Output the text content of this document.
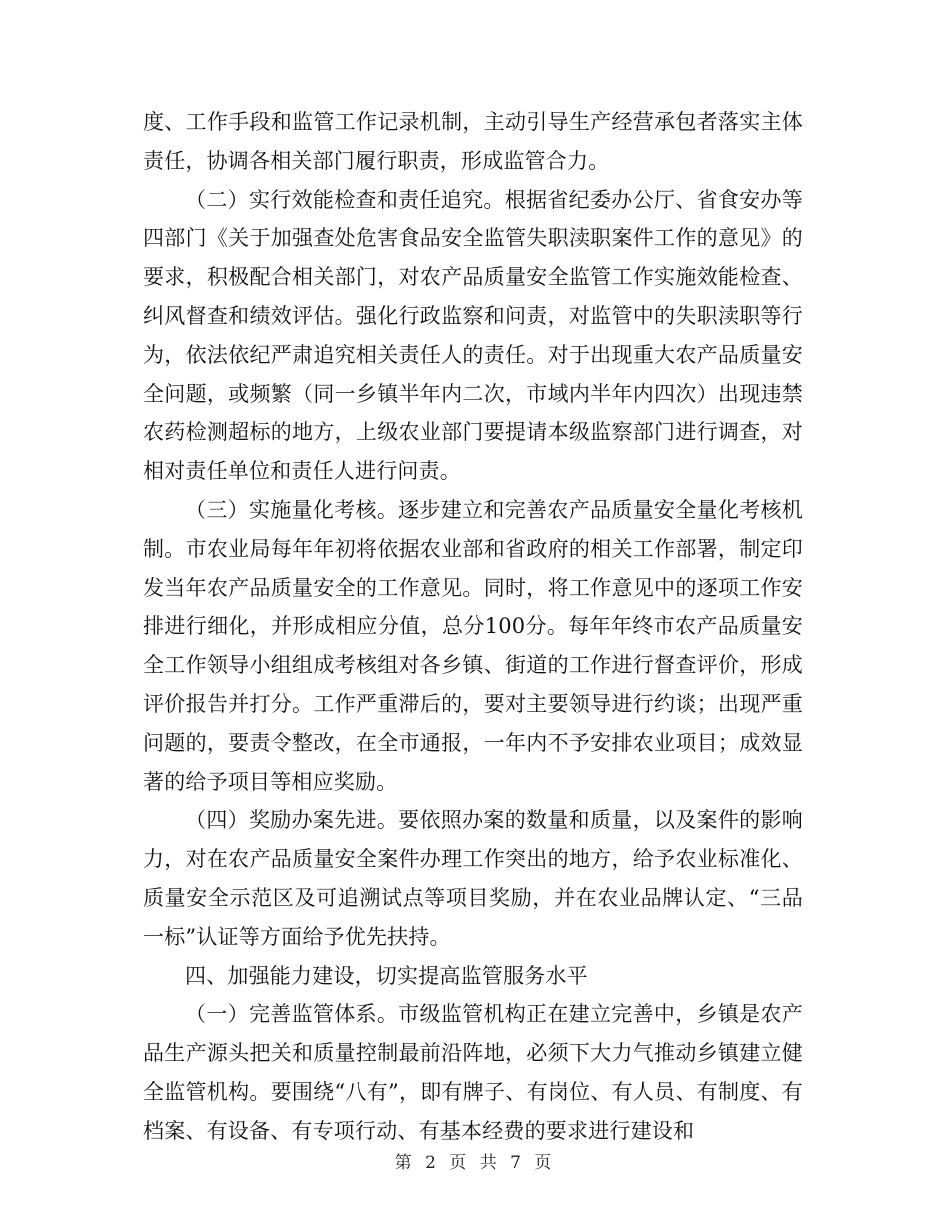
度、工作手段和监管工作记录机制，主动引导生产经营承包者落实主体责任，协调各相关部门履行职责，形成监管合力。

（二）实行效能检查和责任追究。根据省纪委办公厅、省食安办等四部门《关于加强查处危害食品安全监管失职渎职案件工作的意见》的要求，积极配合相关部门，对农产品质量安全监管工作实施效能检查、纠风督查和绩效评估。强化行政监察和问责，对监管中的失职渎职等行为，依法依纪严肃追究相关责任人的责任。对于出现重大农产品质量安全问题，或频繁（同一乡镇半年内二次，市域内半年内四次）出现违禁农药检测超标的地方，上级农业部门要提请本级监察部门进行调查，对相对责任单位和责任人进行问责。

（三）实施量化考核。逐步建立和完善农产品质量安全量化考核机制。市农业局每年年初将依据农业部和省政府的相关工作部署，制定印发当年农产品质量安全的工作意见。同时，将工作意见中的逐项工作安排进行细化，并形成相应分值，总分100分。每年年终市农产品质量安全工作领导小组组成考核组对各乡镇、街道的工作进行督查评价，形成评价报告并打分。工作严重滞后的，要对主要领导进行约谈；出现严重问题的，要责令整改，在全市通报，一年内不予安排农业项目；成效显著的给予项目等相应奖励。

（四）奖励办案先进。要依照办案的数量和质量，以及案件的影响力，对在农产品质量安全案件办理工作突出的地方，给予农业标准化、质量安全示范区及可追溯试点等项目奖励，并在农业品牌认定、“三品一标”认证等方面给予优先扶持。

四、加强能力建设，切实提高监管服务水平

（一）完善监管体系。市级监管机构正在建立完善中，乡镇是农产品生产源头把关和质量控制最前沿阵地，必须下大力气推动乡镇建立健全监管机构。要围绕“八有”，即有牌子、有岗位、有人员、有制度、有档案、有设备、有专项行动、有基本经费的要求进行建设和

第 2 页 共 7 页
